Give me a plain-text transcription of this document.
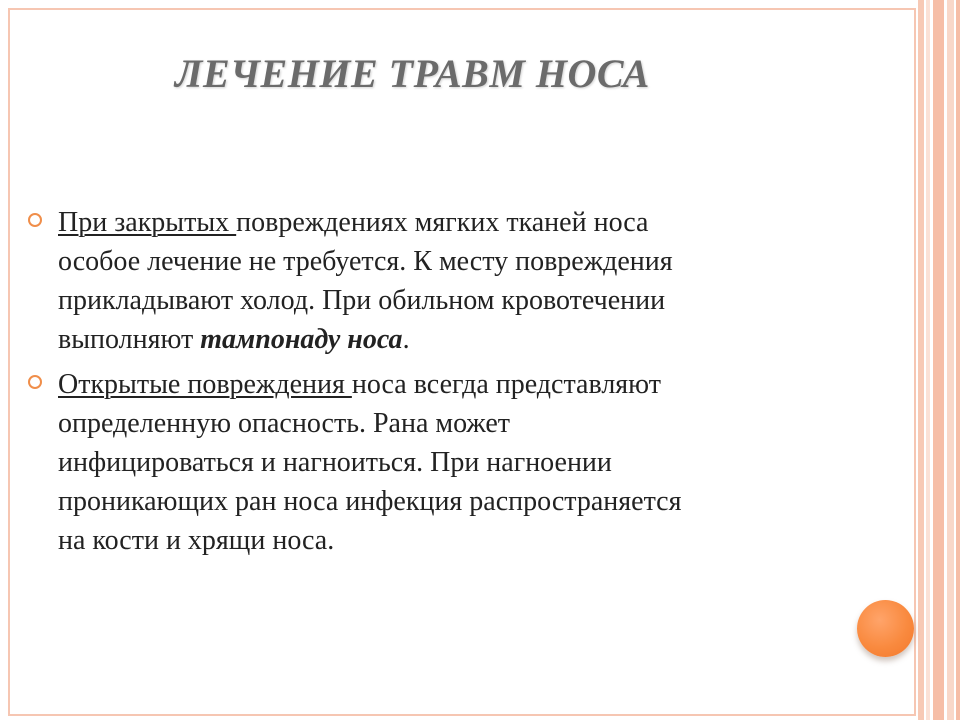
ЛЕЧЕНИЕ ТРАВМ НОСА
При закрытых повреждениях мягких тканей носа
особое лечение не требуется. К месту повреждения
прикладывают холод. При обильном кровотечении
выполняют тампонаду носа.
Открытые повреждения носа всегда представляют
определенную опасность. Рана может
инфицироваться и нагноиться. При нагноении
проникающих ран носа инфекция распространяется
на кости и хрящи носа.
